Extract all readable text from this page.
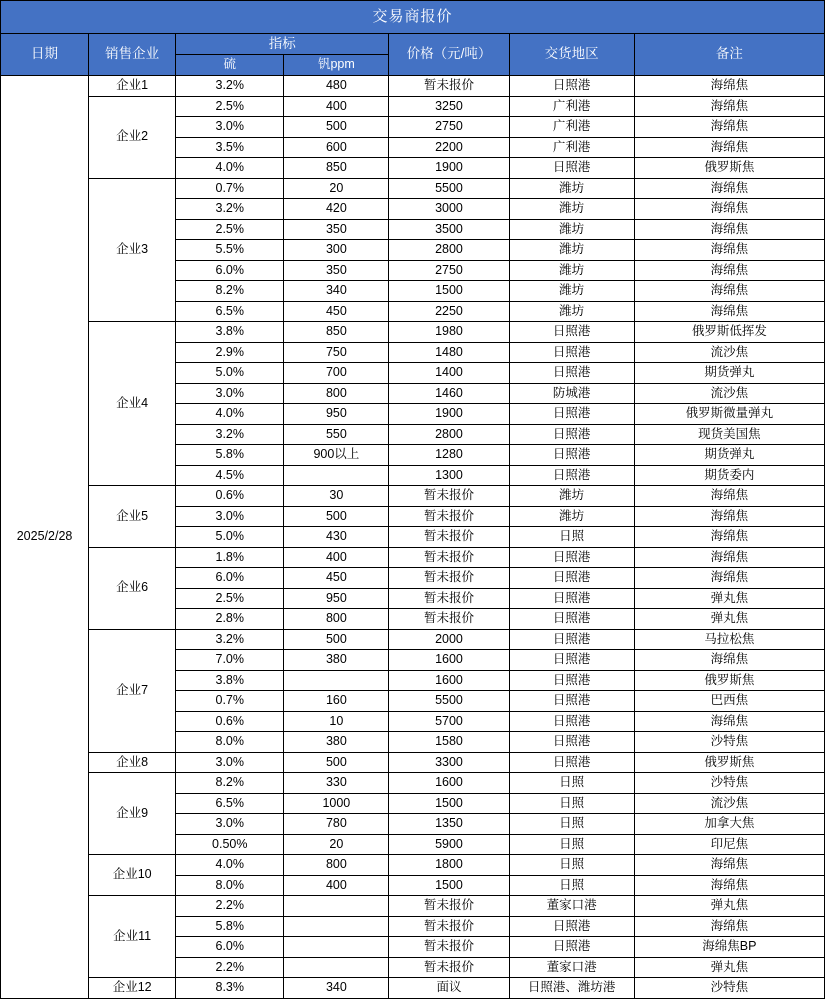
交易商报价						
日期	销售企业	指标		价格（元/吨）	交货地区	备注
		硫	钒ppm			
2025/2/28	企业1	3.2%	480	暂未报价	日照港	海绵焦
	企业2	2.5%	400	3250	广利港	海绵焦
		3.0%	500	2750	广利港	海绵焦
		3.5%	600	2200	广利港	海绵焦
		4.0%	850	1900	日照港	俄罗斯焦
	企业3	0.7%	20	5500	潍坊	海绵焦
		3.2%	420	3000	潍坊	海绵焦
		2.5%	350	3500	潍坊	海绵焦
		5.5%	300	2800	潍坊	海绵焦
		6.0%	350	2750	潍坊	海绵焦
		8.2%	340	1500	潍坊	海绵焦
		6.5%	450	2250	潍坊	海绵焦
	企业4	3.8%	850	1980	日照港	俄罗斯低挥发
		2.9%	750	1480	日照港	流沙焦
		5.0%	700	1400	日照港	期货弹丸
		3.0%	800	1460	防城港	流沙焦
		4.0%	950	1900	日照港	俄罗斯微量弹丸
		3.2%	550	2800	日照港	现货美国焦
		5.8%	900以上	1280	日照港	期货弹丸
		4.5%		1300	日照港	期货委内
	企业5	0.6%	30	暂未报价	潍坊	海绵焦
		3.0%	500	暂未报价	潍坊	海绵焦
		5.0%	430	暂未报价	日照	海绵焦
	企业6	1.8%	400	暂未报价	日照港	海绵焦
		6.0%	450	暂未报价	日照港	海绵焦
		2.5%	950	暂未报价	日照港	弹丸焦
		2.8%	800	暂未报价	日照港	弹丸焦
	企业7	3.2%	500	2000	日照港	马拉松焦
		7.0%	380	1600	日照港	海绵焦
		3.8%		1600	日照港	俄罗斯焦
		0.7%	160	5500	日照港	巴西焦
		0.6%	10	5700	日照港	海绵焦
		8.0%	380	1580	日照港	沙特焦
	企业8	3.0%	500	3300	日照港	俄罗斯焦
	企业9	8.2%	330	1600	日照	沙特焦
		6.5%	1000	1500	日照	流沙焦
		3.0%	780	1350	日照	加拿大焦
		0.50%	20	5900	日照	印尼焦
	企业10	4.0%	800	1800	日照	海绵焦
		8.0%	400	1500	日照	海绵焦
	企业11	2.2%		暂未报价	董家口港	弹丸焦
		5.8%		暂未报价	日照港	海绵焦
		6.0%		暂未报价	日照港	海绵焦BP
		2.2%		暂未报价	董家口港	弹丸焦
	企业12	8.3%	340	面议	日照港、潍坊港	沙特焦
